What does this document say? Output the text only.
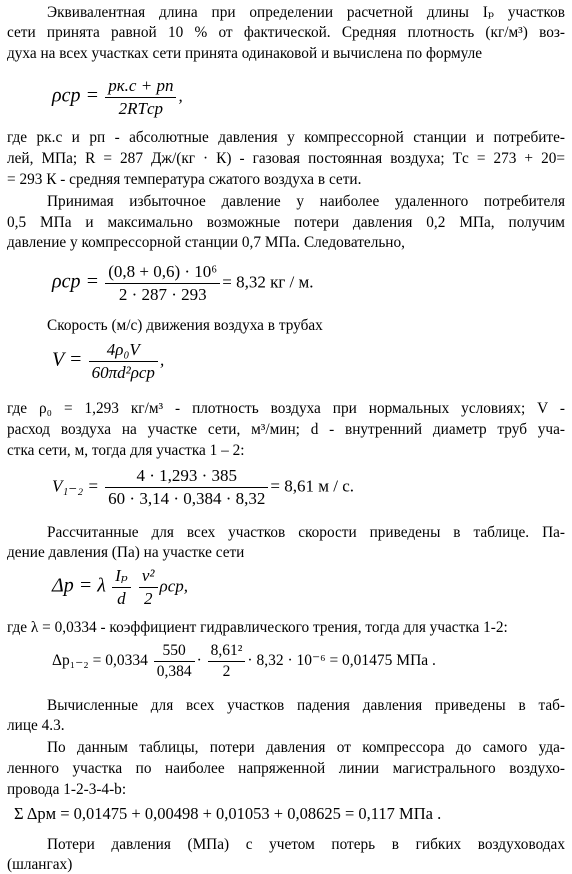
Эквивалентная длина при определении расчетной длины Iₚ участков
сети принята равной 10 % от фактической. Средняя плотность (кг/м³) воз-
духа на всех участках сети принята одинаковой и вычислена по формуле
$\rho ср = \frac{pк.с + pп}{\text{2RTср}}$ ,
где pк.с и pп - абсолютные давления у компрессорной станции и потребите-
лей, МПа; R = 287 Дж/(кг · К) - газовая постоянная воздуха; Tс = 273 + 20=
= 293 К - средняя температура сжатого воздуха в сети.
Принимая избыточное давление у наиболее удаленного потребителя
0,5 МПа и максимально возможные потери давления 0,2 МПа, получим
давление у компрессорной станции 0,7 МПа. Следовательно,
$\rho ср = \frac{\text{(0,8 + 0,6) · 10⁶}}{2 \cdot 287 \cdot 293} = 8,32$ кг / м.
Скорость (м/с) движения воздуха в трубах
$V = \frac{\text{4ρ₀V}}{\text{60πd²ρср}}$ ,
где ρ₀ = 1,293 кг/м³ - плотность воздуха при нормальных условиях; V -
расход воздуха на участке сети, м³/мин; d - внутренний диаметр труб уча-
стка сети, м, тогда для участка 1 – 2:
$V_{1-2} = \frac{4 \cdot 1,293 \cdot 385}{60 \cdot 3,14 \cdot 0,384 \cdot 8,32} = 8,61$ м / с.
Рассчитанные для всех участков скорости приведены в таблице. Па-
дение давления (Па) на участке сети
Δp = λ $\frac{\text{Iₚ}}{d}$
$\frac{\text{v²}}{2} \rho ср$,
где λ = 0,0334 - коэффициент гидравлического трения, тогда для участка 1-2:
$\Delta p_{1-2} = 0,0334 \frac{550}{0,384} \cdot \frac{\text{8,61²}}{2} \cdot 8,32 \cdot 10^{-6} = 0,01475$ МПа .
Вычисленные для всех участков падения давления приведены в таб-
лице 4.3.
По данным таблицы, потери давления от компрессора до самого уда-
ленного участка по наиболее напряженной линии магистрального воздухо-
провода 1-2-3-4-b:
Σ Δpм = 0,01475 + 0,00498 + 0,01053 + 0,08625 = 0,117 МПа .
Потери давления (МПа) с учетом потерь в гибких воздуховодах
(шлангах)
